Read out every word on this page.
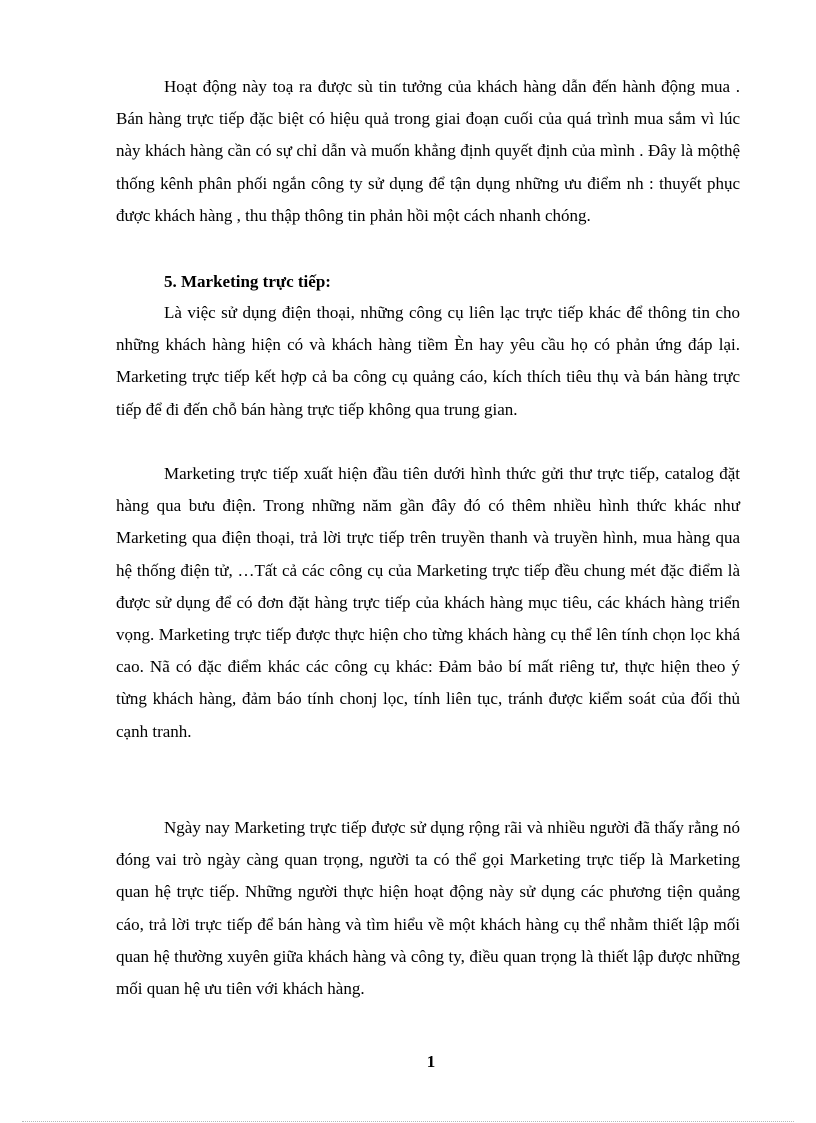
Hoạt động này toạ ra được sù tin tưởng của khách hàng dẫn đến hành động mua . Bán hàng trực tiếp đặc biệt có hiệu quả trong giai đoạn cuối của quá trình mua sắm vì lúc này khách hàng cần có sự chỉ dẫn và muốn khẳng định quyết định của mình . Đây là mộthệ thống kênh phân phối ngắn công ty sử dụng để tận dụng những ưu điểm nh : thuyết phục được khách hàng , thu thập thông tin phản hồi một cách nhanh chóng.

5. Marketing trực tiếp:

Là việc sử dụng điện thoại, những công cụ liên lạc trực tiếp khác để thông tin cho những khách hàng hiện có và khách hàng tiềm Èn hay yêu cầu họ có phản ứng đáp lại. Marketing trực tiếp kết hợp cả ba công cụ quảng cáo, kích thích tiêu thụ và bán hàng trực tiếp để đi đến chỗ bán hàng trực tiếp không qua trung gian.

Marketing trực tiếp xuất hiện đầu tiên dưới hình thức gửi thư trực tiếp, catalog đặt hàng qua bưu điện. Trong những năm gần đây đó có thêm nhiều hình thức khác như Marketing qua điện thoại, trả lời trực tiếp trên truyền thanh và truyền hình, mua hàng qua hệ thống điện tử, …Tất cả các công cụ của Marketing trực tiếp đều chung mét đặc điểm là được sử dụng để có đơn đặt hàng trực tiếp của khách hàng mục tiêu, các khách hàng triển vọng. Marketing trực tiếp được thực hiện cho từng khách hàng cụ thể lên tính chọn lọc khá cao. Nã có đặc điểm khác các công cụ khác: Đảm bảo bí mất riêng tư, thực hiện theo ý từng khách hàng, đảm báo tính chonj lọc, tính liên tục, tránh được kiểm soát của đối thủ cạnh tranh.

Ngày nay Marketing trực tiếp được sử dụng rộng rãi và nhiều người đã thấy rằng nó đóng vai trò ngày càng quan trọng, người ta có thể gọi Marketing trực tiếp là Marketing quan hệ trực tiếp. Những người thực hiện hoạt động này sử dụng các phương tiện quảng cáo, trả lời trực tiếp để bán hàng và tìm hiểu về một khách hàng cụ thể nhằm thiết lập mối quan hệ thường xuyên giữa khách hàng và công ty, điều quan trọng là thiết lập được những mối quan hệ ưu tiên với khách hàng.

1
